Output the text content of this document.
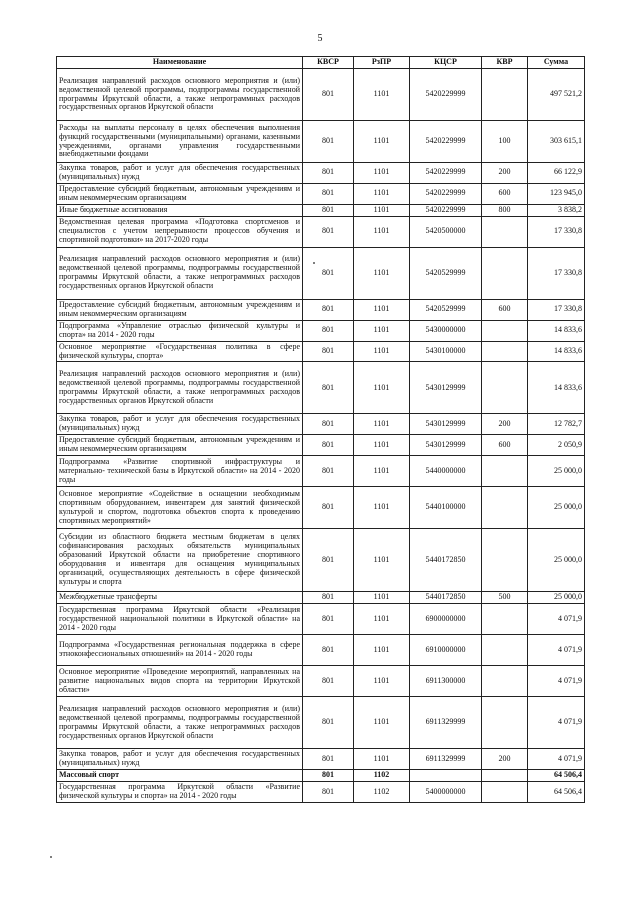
5
Наименование	КВСР	РзПР	КЦСР	КВР	Сумма
Реализация направлений расходов основного мероприятия и (или) ведомственной целевой программы, подпрограммы государственной программы Иркутской области, а также непрограммных расходов государственных органов Иркутской области	801	1101	5420229999		497 521,2
Расходы на выплаты персоналу в целях обеспечения выполнения функций государственными (муниципальными) органами, казенными учреждениями, органами управления государственными внебюджетными фондами	801	1101	5420229999	100	303 615,1
Закупка товаров, работ и услуг для обеспечения государственных (муниципальных) нужд	801	1101	5420229999	200	66 122,9
Предоставление субсидий бюджетным, автономным учреждениям и иным некоммерческим организациям	801	1101	5420229999	600	123 945,0
Иные бюджетные ассигнования	801	1101	5420229999	800	3 838,2
Ведомственная целевая программа «Подготовка спортсменов и специалистов с учетом непрерывности процессов обучения и спортивной подготовки» на 2017-2020 годы	801	1101	5420500000		17 330,8
Реализация направлений расходов основного мероприятия и (или) ведомственной целевой программы, подпрограммы государственной программы Иркутской области, а также непрограммных расходов государственных органов Иркутской области	801	1101	5420529999		17 330,8
Предоставление субсидий бюджетным, автономным учреждениям и иным некоммерческим организациям	801	1101	5420529999	600	17 330,8
Подпрограмма «Управление отраслью физической культуры и спорта» на 2014 - 2020 годы	801	1101	5430000000		14 833,6
Основное мероприятие «Государственная политика в сфере физической культуры, спорта»	801	1101	5430100000		14 833,6
Реализация направлений расходов основного мероприятия и (или) ведомственной целевой программы, подпрограммы государственной программы Иркутской области, а также непрограммных расходов государственных органов Иркутской области	801	1101	5430129999		14 833,6
Закупка товаров, работ и услуг для обеспечения государственных (муниципальных) нужд	801	1101	5430129999	200	12 782,7
Предоставление субсидий бюджетным, автономным учреждениям и иным некоммерческим организациям	801	1101	5430129999	600	2 050,9
Подпрограмма «Развитие спортивной инфраструктуры и материально- технической базы в Иркутской области» на 2014 - 2020 годы	801	1101	5440000000		25 000,0
Основное мероприятие «Содействие в оснащении необходимым спортивным оборудованием, инвентарем для занятий физической культурой и спортом, подготовка объектов спорта к проведению спортивных мероприятий»	801	1101	5440100000		25 000,0
Субсидии из областного бюджета местным бюджетам в целях софинансирования расходных обязательств муниципальных образований Иркутской области на приобретение спортивного оборудования и инвентаря для оснащения муниципальных организаций, осуществляющих деятельность в сфере физической культуры и спорта	801	1101	5440172850		25 000,0
Межбюджетные трансферты	801	1101	5440172850	500	25 000,0
Государственная программа Иркутской области «Реализация государственной национальной политики в Иркутской области» на 2014 - 2020 годы	801	1101	6900000000		4 071,9
Подпрограмма «Государственная региональная поддержка в сфере этноконфессиональных отношений» на 2014 - 2020 годы	801	1101	6910000000		4 071,9
Основное мероприятие «Проведение мероприятий, направленных на развитие национальных видов спорта на территории Иркутской области»	801	1101	6911300000		4 071,9
Реализация направлений расходов основного мероприятия и (или) ведомственной целевой программы, подпрограммы государственной программы Иркутской области, а также непрограммных расходов государственных органов Иркутской области	801	1101	6911329999		4 071,9
Закупка товаров, работ и услуг для обеспечения государственных (муниципальных) нужд	801	1101	6911329999	200	4 071,9
Массовый спорт	801	1102			64 506,4
Государственная программа Иркутской области «Развитие физической культуры и спорта» на 2014 - 2020 годы	801	1102	5400000000		64 506,4
